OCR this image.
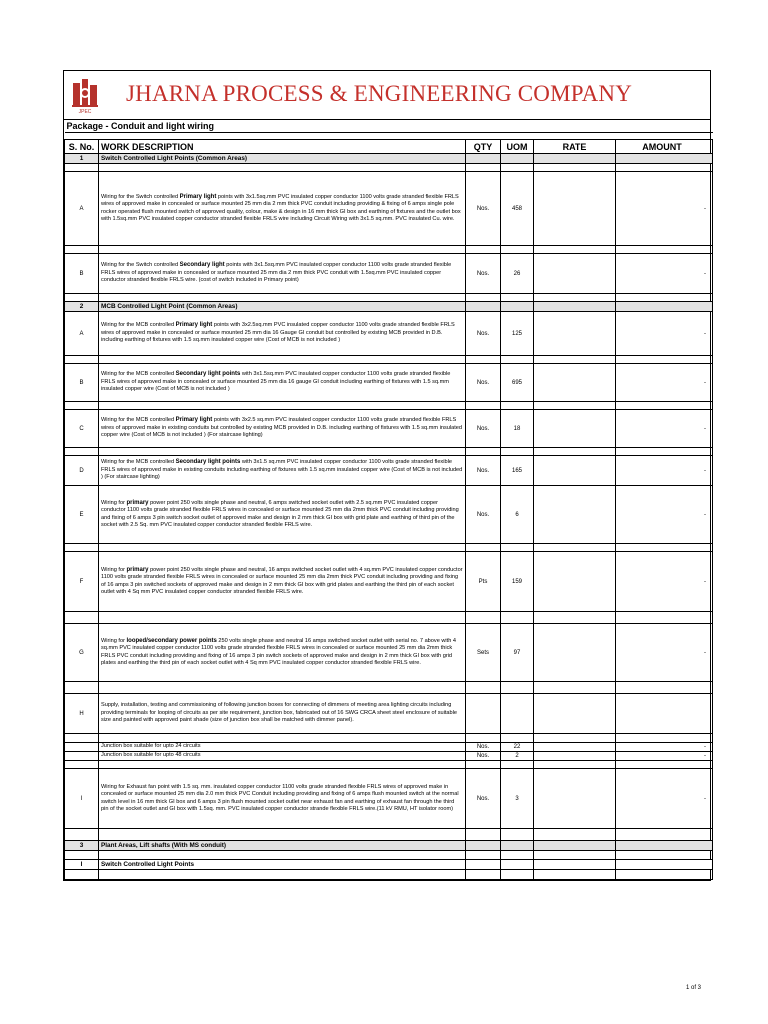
JPEC
JHARNA PROCESS & ENGINEERING COMPANY
Package - Conduit and light wiring					

S. No.	WORK DESCRIPTION	QTY	UOM	RATE	AMOUNT
1	Switch Controlled Light Points (Common Areas)				

A	Wiring for the Switch controlled Primary light points with 3x1.5sq.mm PVC insulated copper conductor 1100 volts grade stranded flexible FRLS wires of approved make in concealed or surface mounted 25 mm dia 2 mm thick PVC conduit including providing & fixing of 6 amps single pole rocker operated flush mounted switch of approved quality, colour, make & design in 16 mm thick GI box and earthing of fixtures and the outlet box with 1.5sq.mm PVC insulated copper conductor stranded flexible FRLS wire including Circuit Wiring with 3x1.5 sq.mm. PVC insulated Cu. wire.	Nos.	458		-

B	Wiring for the Switch controlled Secondary light points with 3x1.5sq.mm PVC insulated copper conductor 1100 volts grade stranded flexible FRLS wires of approved make in concealed or surface mounted 25 mm dia 2 mm thick PVC conduit with 1.5sq.mm PVC insulated copper conductor stranded flexible FRLS wire. (cost of switch included in Primary point)	Nos.	26		-

2	MCB Controlled Light Point (Common Areas)				
A	Wiring for the MCB controlled Primary light points with 3x2.5sq.mm PVC insulated copper conductor 1100 volts grade stranded flexible FRLS wires of approved make in concealed or surface mounted 25 mm dia 16 Gauge GI conduit but controlled by existing MCB provided in D.B. including earthing of fixtures with 1.5 sq.mm insulated copper wire (Cost of MCB is not included )	Nos.	125		-

B	Wiring for the MCB controlled Secondary light points with 3x1.5sq.mm PVC insulated copper conductor 1100 volts grade stranded flexible FRLS wires of approved make in concealed or surface mounted 25 mm dia 16 gauge GI conduit including earthing of fixtures with 1.5 sq.mm insulated copper wire (Cost of MCB is not included )	Nos.	695		-

C	Wiring for the MCB controlled Primary light points with 3x2.5 sq.mm PVC insulated copper conductor 1100 volts grade stranded flexible FRLS wires of approved make in existing conduits but controlled by existing MCB provided in D.B. including earthing of fixtures with 1.5 sq.mm insulated copper wire (Cost of MCB is not included ) (For staircase lighting)	Nos.	18		-

D	Wiring for the MCB controlled Secondary light points with 3x1.5 sq.mm PVC insulated copper conductor 1100 volts grade stranded flexible FRLS wires of approved make in existing conduits including earthing of fixtures with 1.5 sq.mm insulated copper wire (Cost of MCB is not included ) (For staircase lighting)	Nos.	165		-
E	Wiring for primary power point 250 volts single phase and neutral, 6 amps switched socket outlet with 2.5 sq.mm PVC insulated copper conductor 1100 volts grade stranded flexible FRLS wires in concealed or surface mounted 25 mm dia 2mm thick PVC conduit including providing and fixing of 6 amps 3 pin switch socket outlet of approved make and design in 2 mm thick GI box with grid plate and earthing of third pin of the socket with 2.5 Sq. mm PVC insulated copper conductor stranded flexible FRLS wire.	Nos.	6		-

F	Wiring for primary power point 250 volts single phase and neutral, 16 amps switched socket outlet with 4 sq.mm PVC insulated copper conductor 1100 volts grade stranded flexible FRLS wires in concealed or surface mounted 25 mm dia 2mm thick PVC conduit including providing and fixing of 16 amps 3 pin switched sockets of approved make and design in 2 mm thick GI box with grid plates and earthing the third pin of each socket outlet with 4 Sq mm PVC insulated copper conductor stranded flexible FRLS wire.	Pts	159		-

G	Wiring for looped/secondary power points 250 volts single phase and neutral 16 amps switched socket outlet with serial no. 7 above with 4 sq.mm PVC insulated copper conductor 1100 volts grade stranded flexible FRLS wires in concealed or surface mounted 25 mm dia 2mm thick FRLS PVC conduit including providing and fixing of 16 amps 3 pin switch sockets of approved make and design in 2 mm thick GI box with grid plates and earthing the third pin of each socket outlet with 4 Sq mm PVC insulated copper conductor stranded flexible FRLS wire.	Sets	97		-

H	Supply, installation, testing and commissioning of following junction boxes for connecting of dimmers of meeting area lighting circuits including providing terminals for looping of circuits as per site requirement, junction box, fabricated out of 16 SWG CRCA sheet steel enclosure of suitable size and painted with approved paint shade (size of junction box shall be matched with dimmer panel).				

	Junction box suitable for upto 24 circuits	Nos.	22		-
	Junction box suitable for upto 48 circuits	Nos.	2		-

I	Wiring for Exhaust fan point with 1.5 sq. mm. insulated copper conductor 1100 volts grade stranded flexible FRLS wires of approved make in concealed or surface mounted 25 mm dia 2.0 mm thick PVC Conduit including providing and fixing of 6 amps flush mounted switch at the normal switch level in 16 mm thick GI box and 6 amps 3 pin flush mounted socket outlet near exhaust fan and earthing of exhaust fan through the third pin of the socket outlet and GI box with 1.5sq. mm. PVC insulated copper conductor strande flexible FRLS wire.(11 kV RMU, HT isolator room)	Nos.	3		-

3	Plant Areas, Lift shafts (With MS conduit)				

I	Switch Controlled Light Points				

1 of 3
